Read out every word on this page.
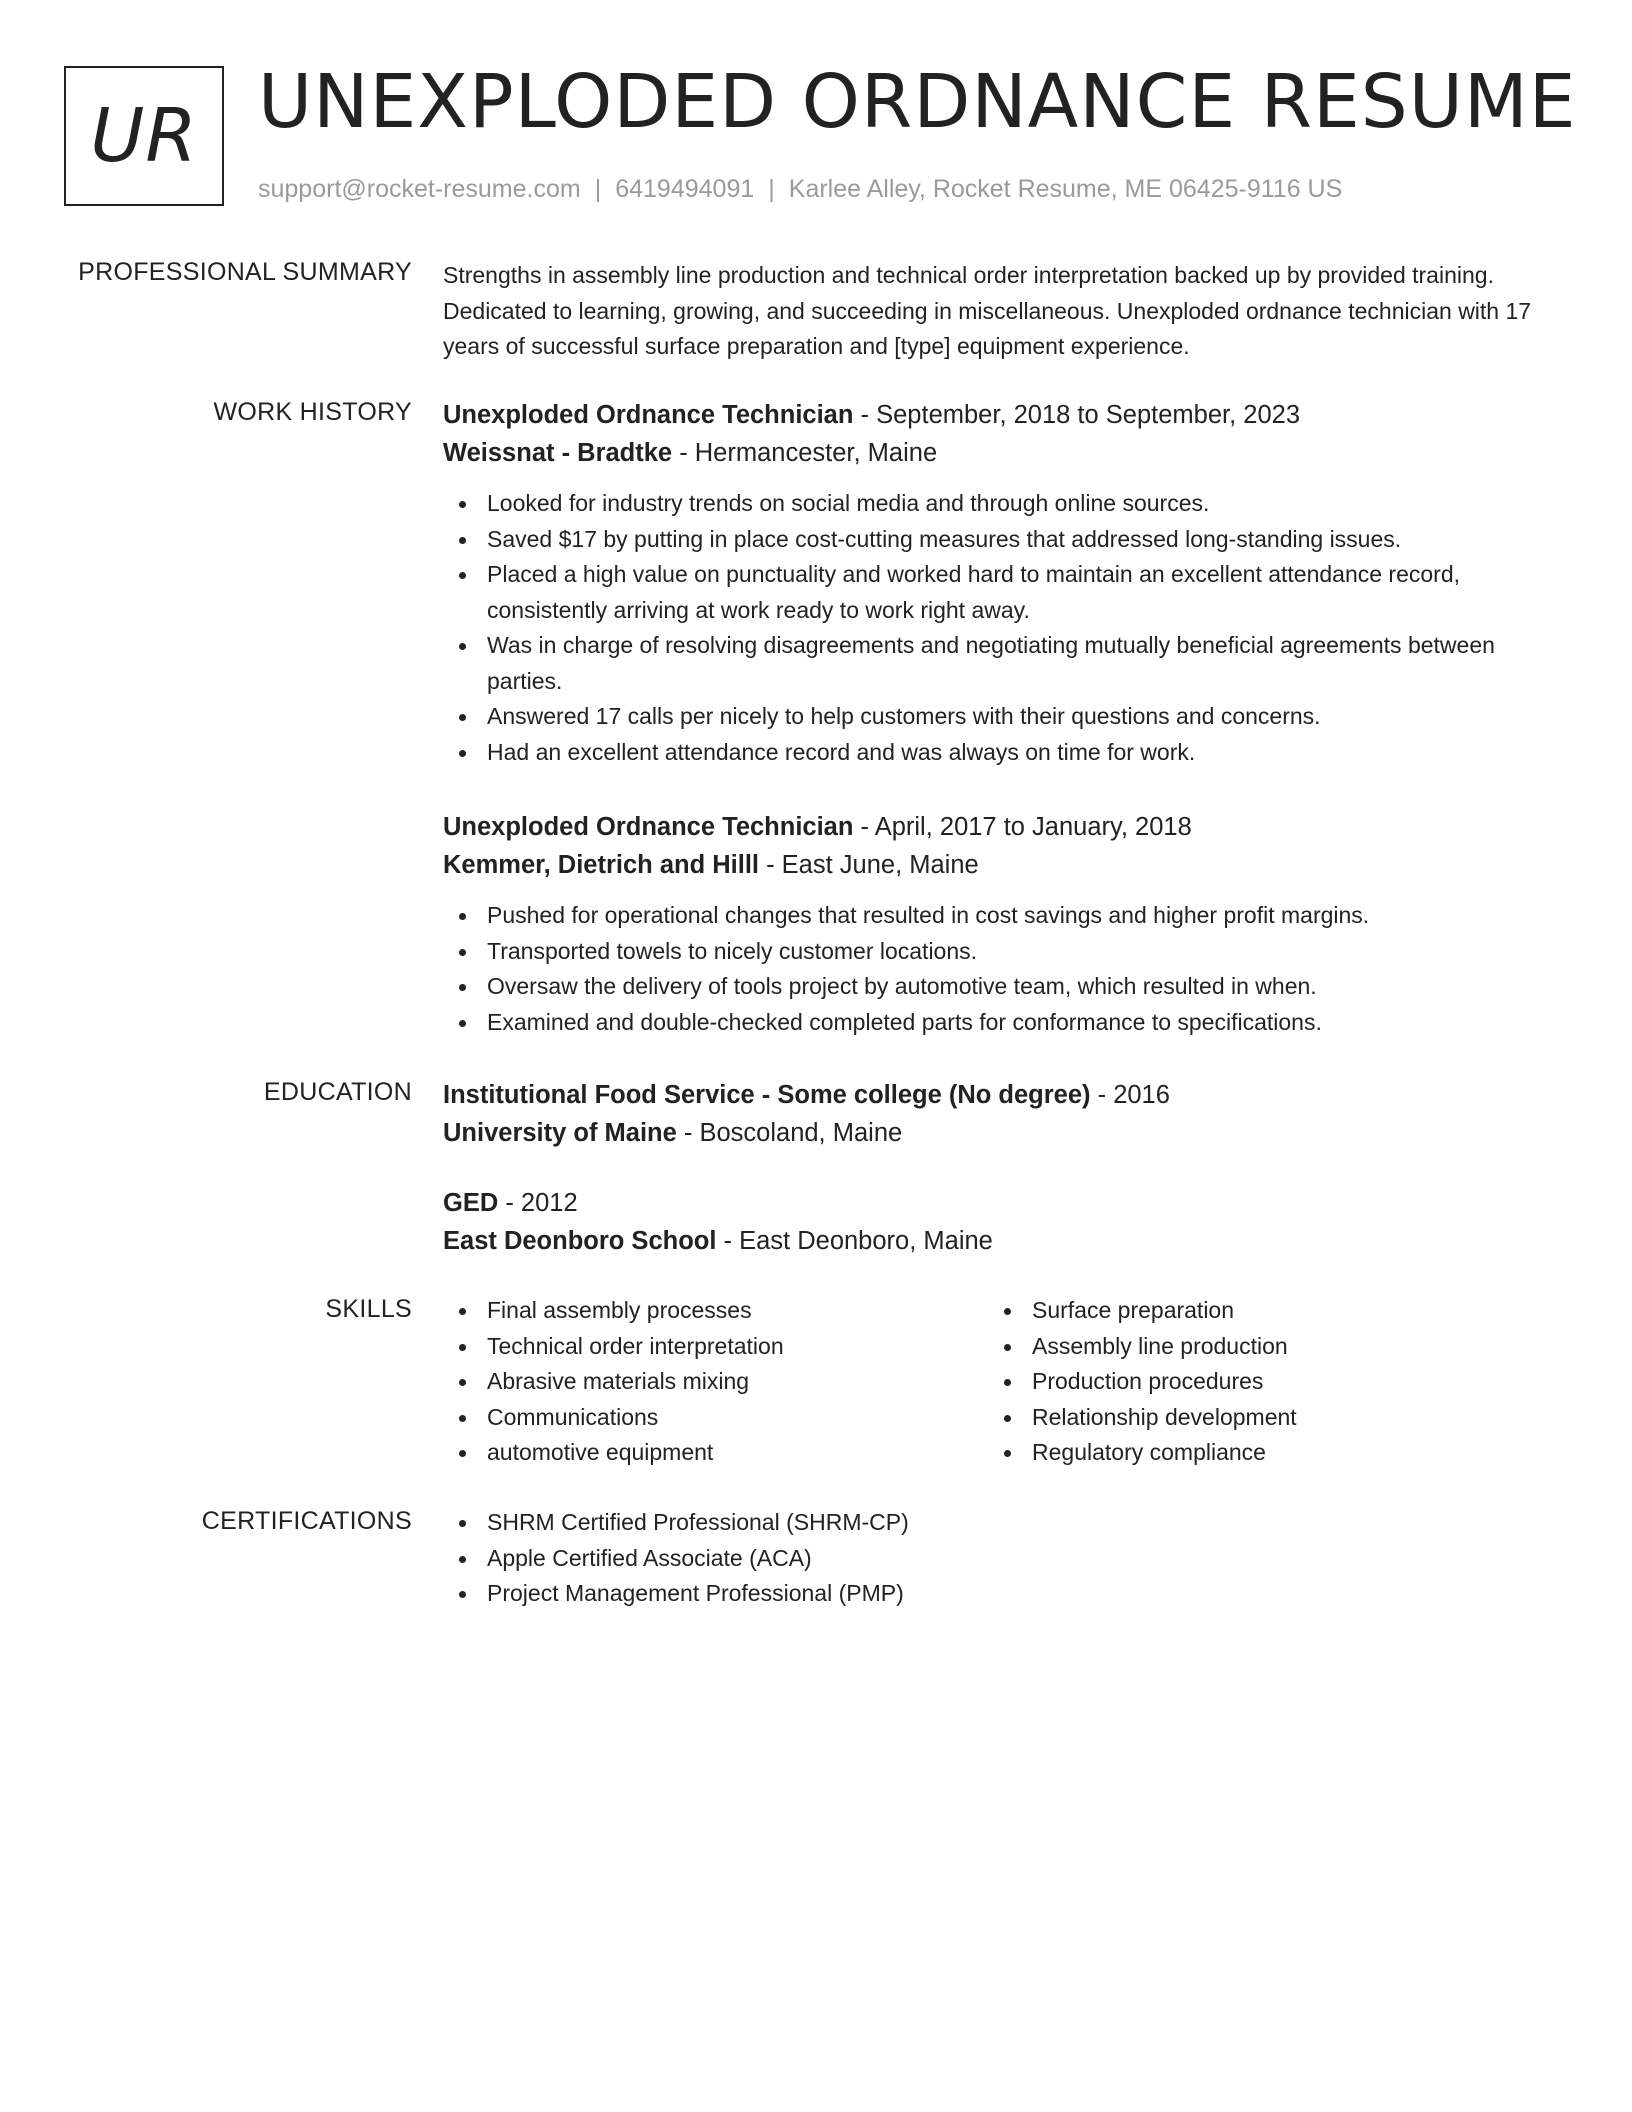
UR UNEXPLODED ORDNANCE RESUME
support@rocket-resume.com | 6419494091 | Karlee Alley, Rocket Resume, ME 06425-9116 US
PROFESSIONAL SUMMARY Strengths in assembly line production and technical order interpretation backed up by provided training. Dedicated to learning, growing, and succeeding in miscellaneous. Unexploded ordnance technician with 17 years of successful surface preparation and [type] equipment experience.
WORK HISTORY Unexploded Ordnance Technician - September, 2018 to September, 2023
Weissnat - Bradtke - Hermancester, Maine
Looked for industry trends on social media and through online sources.
Saved $17 by putting in place cost-cutting measures that addressed long-standing issues.
Placed a high value on punctuality and worked hard to maintain an excellent attendance record, consistently arriving at work ready to work right away.
Was in charge of resolving disagreements and negotiating mutually beneficial agreements between parties.
Answered 17 calls per nicely to help customers with their questions and concerns.
Had an excellent attendance record and was always on time for work.
Unexploded Ordnance Technician - April, 2017 to January, 2018
Kemmer, Dietrich and Hilll - East June, Maine
Pushed for operational changes that resulted in cost savings and higher profit margins.
Transported towels to nicely customer locations.
Oversaw the delivery of tools project by automotive team, which resulted in when.
Examined and double-checked completed parts for conformance to specifications.
EDUCATION Institutional Food Service - Some college (No degree) - 2016
University of Maine - Boscoland, Maine
GED - 2012
East Deonboro School - East Deonboro, Maine
SKILLS	Final assembly processes
Technical order interpretation
Abrasive materials mixing
Communications
automotive equipment
Surface preparation
Assembly line production
Production procedures
Relationship development
Regulatory compliance
CERTIFICATIONS	SHRM Certified Professional (SHRM-CP)
Apple Certified Associate (ACA)
Project Management Professional (PMP)
